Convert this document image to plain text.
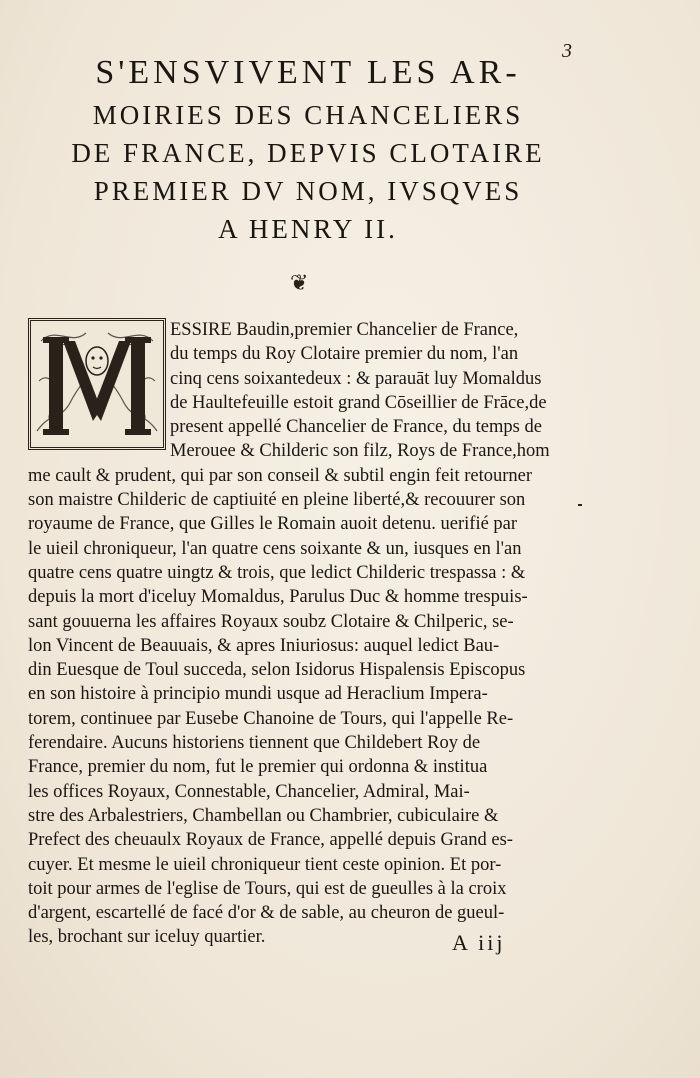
3
S'ENSVIVENT LES AR-
MOIRIES DES CHANCELIERS
DE FRANCE, DEPVIS CLOTAIRE
PREMIER DV NOM, IVSQVES
A HENRY II.
❦
ESSIRE Baudin,premier Chancelier de France,
du temps du Roy Clotaire premier du nom, l'an
cinq cens soixantedeux : & parauāt luy Momaldus
de Haultefeuille estoit grand Cōseillier de Frāce,de
present appellé Chancelier de France, du temps de
Merouee & Childeric son filz, Roys de France,hom
me cault & prudent, qui par son conseil & subtil engin feit retourner
son maistre Childeric de captiuité en pleine liberté,& recouurer son
royaume de France, que Gilles le Romain auoit detenu. uerifié par
le uieil chroniqueur, l'an quatre cens soixante & un, iusques en l'an
quatre cens quatre uingtz & trois, que ledict Childeric trespassa : &
depuis la mort d'iceluy Momaldus, Parulus Duc & homme trespuis-
sant gouuerna les affaires Royaux soubz Clotaire & Chilperic, se-
lon Vincent de Beauuais, & apres Iniuriosus: auquel ledict Bau-
din Euesque de Toul succeda, selon Isidorus Hispalensis Episcopus
en son histoire à principio mundi usque ad Heraclium Impera-
torem, continuee par Eusebe Chanoine de Tours, qui l'appelle Re-
ferendaire. Aucuns historiens tiennent que Childebert Roy de
France, premier du nom, fut le premier qui ordonna & institua
les offices Royaux, Connestable, Chancelier, Admiral, Mai-
stre des Arbalestriers, Chambellan ou Chambrier, cubiculaire &
Prefect des cheuaulx Royaux de France, appellé depuis Grand es-
cuyer. Et mesme le uieil chroniqueur tient ceste opinion. Et por-
toit pour armes de l'eglise de Tours, qui est de gueulles à la croix
d'argent, escartellé de facé d'or & de sable, au cheuron de gueul-
les, brochant sur iceluy quartier.	A iij
